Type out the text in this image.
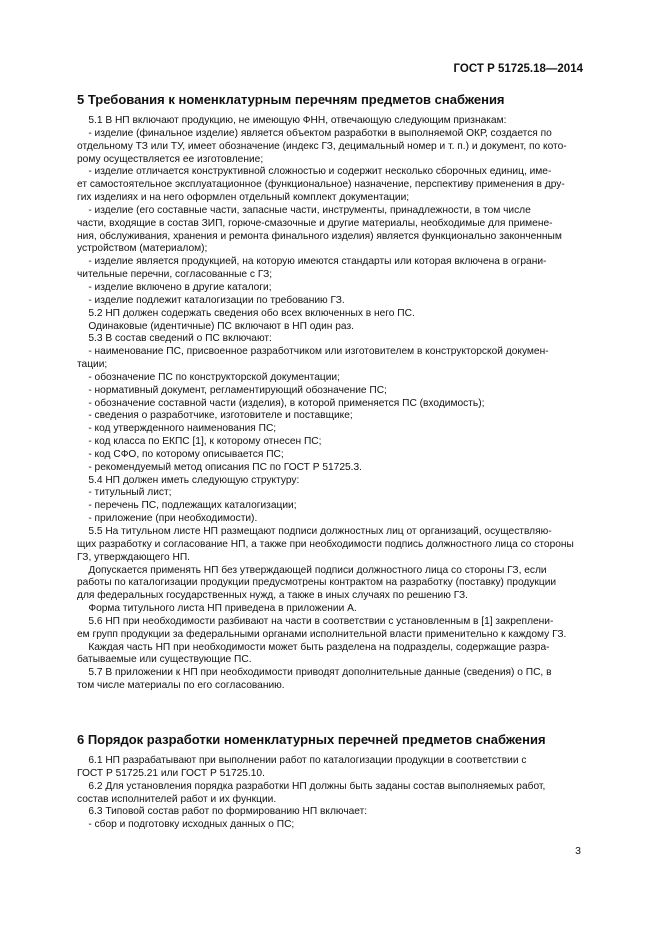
ГОСТ Р 51725.18—2014
5 Требования к номенклатурным перечням предметов снабжения

5.1 В НП включают продукцию, не имеющую ФНН, отвечающую следующим признакам:

- изделие (финальное изделие) является объектом разработки в выполняемой ОКР, создается по

отдельному ТЗ или ТУ, имеет обозначение (индекс ГЗ, децимальный номер и т. п.) и документ, по кото-

рому осуществляется ее изготовление;

- изделие отличается конструктивной сложностью и содержит несколько сборочных единиц, име-

ет самостоятельное эксплуатационное (функциональное) назначение, перспективу применения в дру-

гих изделиях и на него оформлен отдельный комплект документации;

- изделие (его составные части, запасные части, инструменты, принадлежности, в том числе

части, входящие в состав ЗИП, горюче-смазочные и другие материалы, необходимые для примене-

ния, обслуживания, хранения и ремонта финального изделия) является функционально законченным

устройством (материалом);

- изделие является продукцией, на которую имеются стандарты или которая включена в ограни-

чительные перечни, согласованные с ГЗ;

- изделие включено в другие каталоги;

- изделие подлежит каталогизации по требованию ГЗ.

5.2 НП должен содержать сведения обо всех включенных в него ПС.

Одинаковые (идентичные) ПС включают в НП один раз.

5.3 В состав сведений о ПС включают:

- наименование ПС, присвоенное разработчиком или изготовителем в конструкторской докумен-

тации;

- обозначение ПС по конструкторской документации;

- нормативный документ, регламентирующий обозначение ПС;

- обозначение составной части (изделия), в которой применяется ПС (входимость);

- сведения о разработчике, изготовителе и поставщике;

- код утвержденного наименования ПС;

- код класса по ЕКПС [1], к которому отнесен ПС;

- код СФО, по которому описывается ПС;

- рекомендуемый метод описания ПС по ГОСТ Р 51725.3.

5.4 НП должен иметь следующую структуру:

- титульный лист;

- перечень ПС, подлежащих каталогизации;

- приложение (при необходимости).

5.5 На титульном листе НП размещают подписи должностных лиц от организаций, осуществляю-

щих разработку и согласование НП, а также при необходимости подпись должностного лица со стороны

ГЗ, утверждающего НП.

Допускается применять НП без утверждающей подписи должностного лица со стороны ГЗ, если

работы по каталогизации продукции предусмотрены контрактом на разработку (поставку) продукции

для федеральных государственных нужд, а также в иных случаях по решению ГЗ.

Форма титульного листа НП приведена в приложении А.

5.6 НП при необходимости разбивают на части в соответствии с установленным в [1] закреплени-

ем групп продукции за федеральными органами исполнительной власти применительно к каждому ГЗ.

Каждая часть НП при необходимости может быть разделена на подразделы, содержащие разра-

батываемые или существующие ПС.

5.7 В приложении к НП при необходимости приводят дополнительные данные (сведения) о ПС, в

том числе материалы по его согласованию.

6 Порядок разработки номенклатурных перечней предметов снабжения

6.1 НП разрабатывают при выполнении работ по каталогизации продукции в соответствии с

ГОСТ Р 51725.21 или ГОСТ Р 51725.10.

6.2 Для установления порядка разработки НП должны быть заданы состав выполняемых работ,

состав исполнителей работ и их функции.

6.3 Типовой состав работ по формированию НП включает:

- сбор и подготовку исходных данных о ПС;

3
